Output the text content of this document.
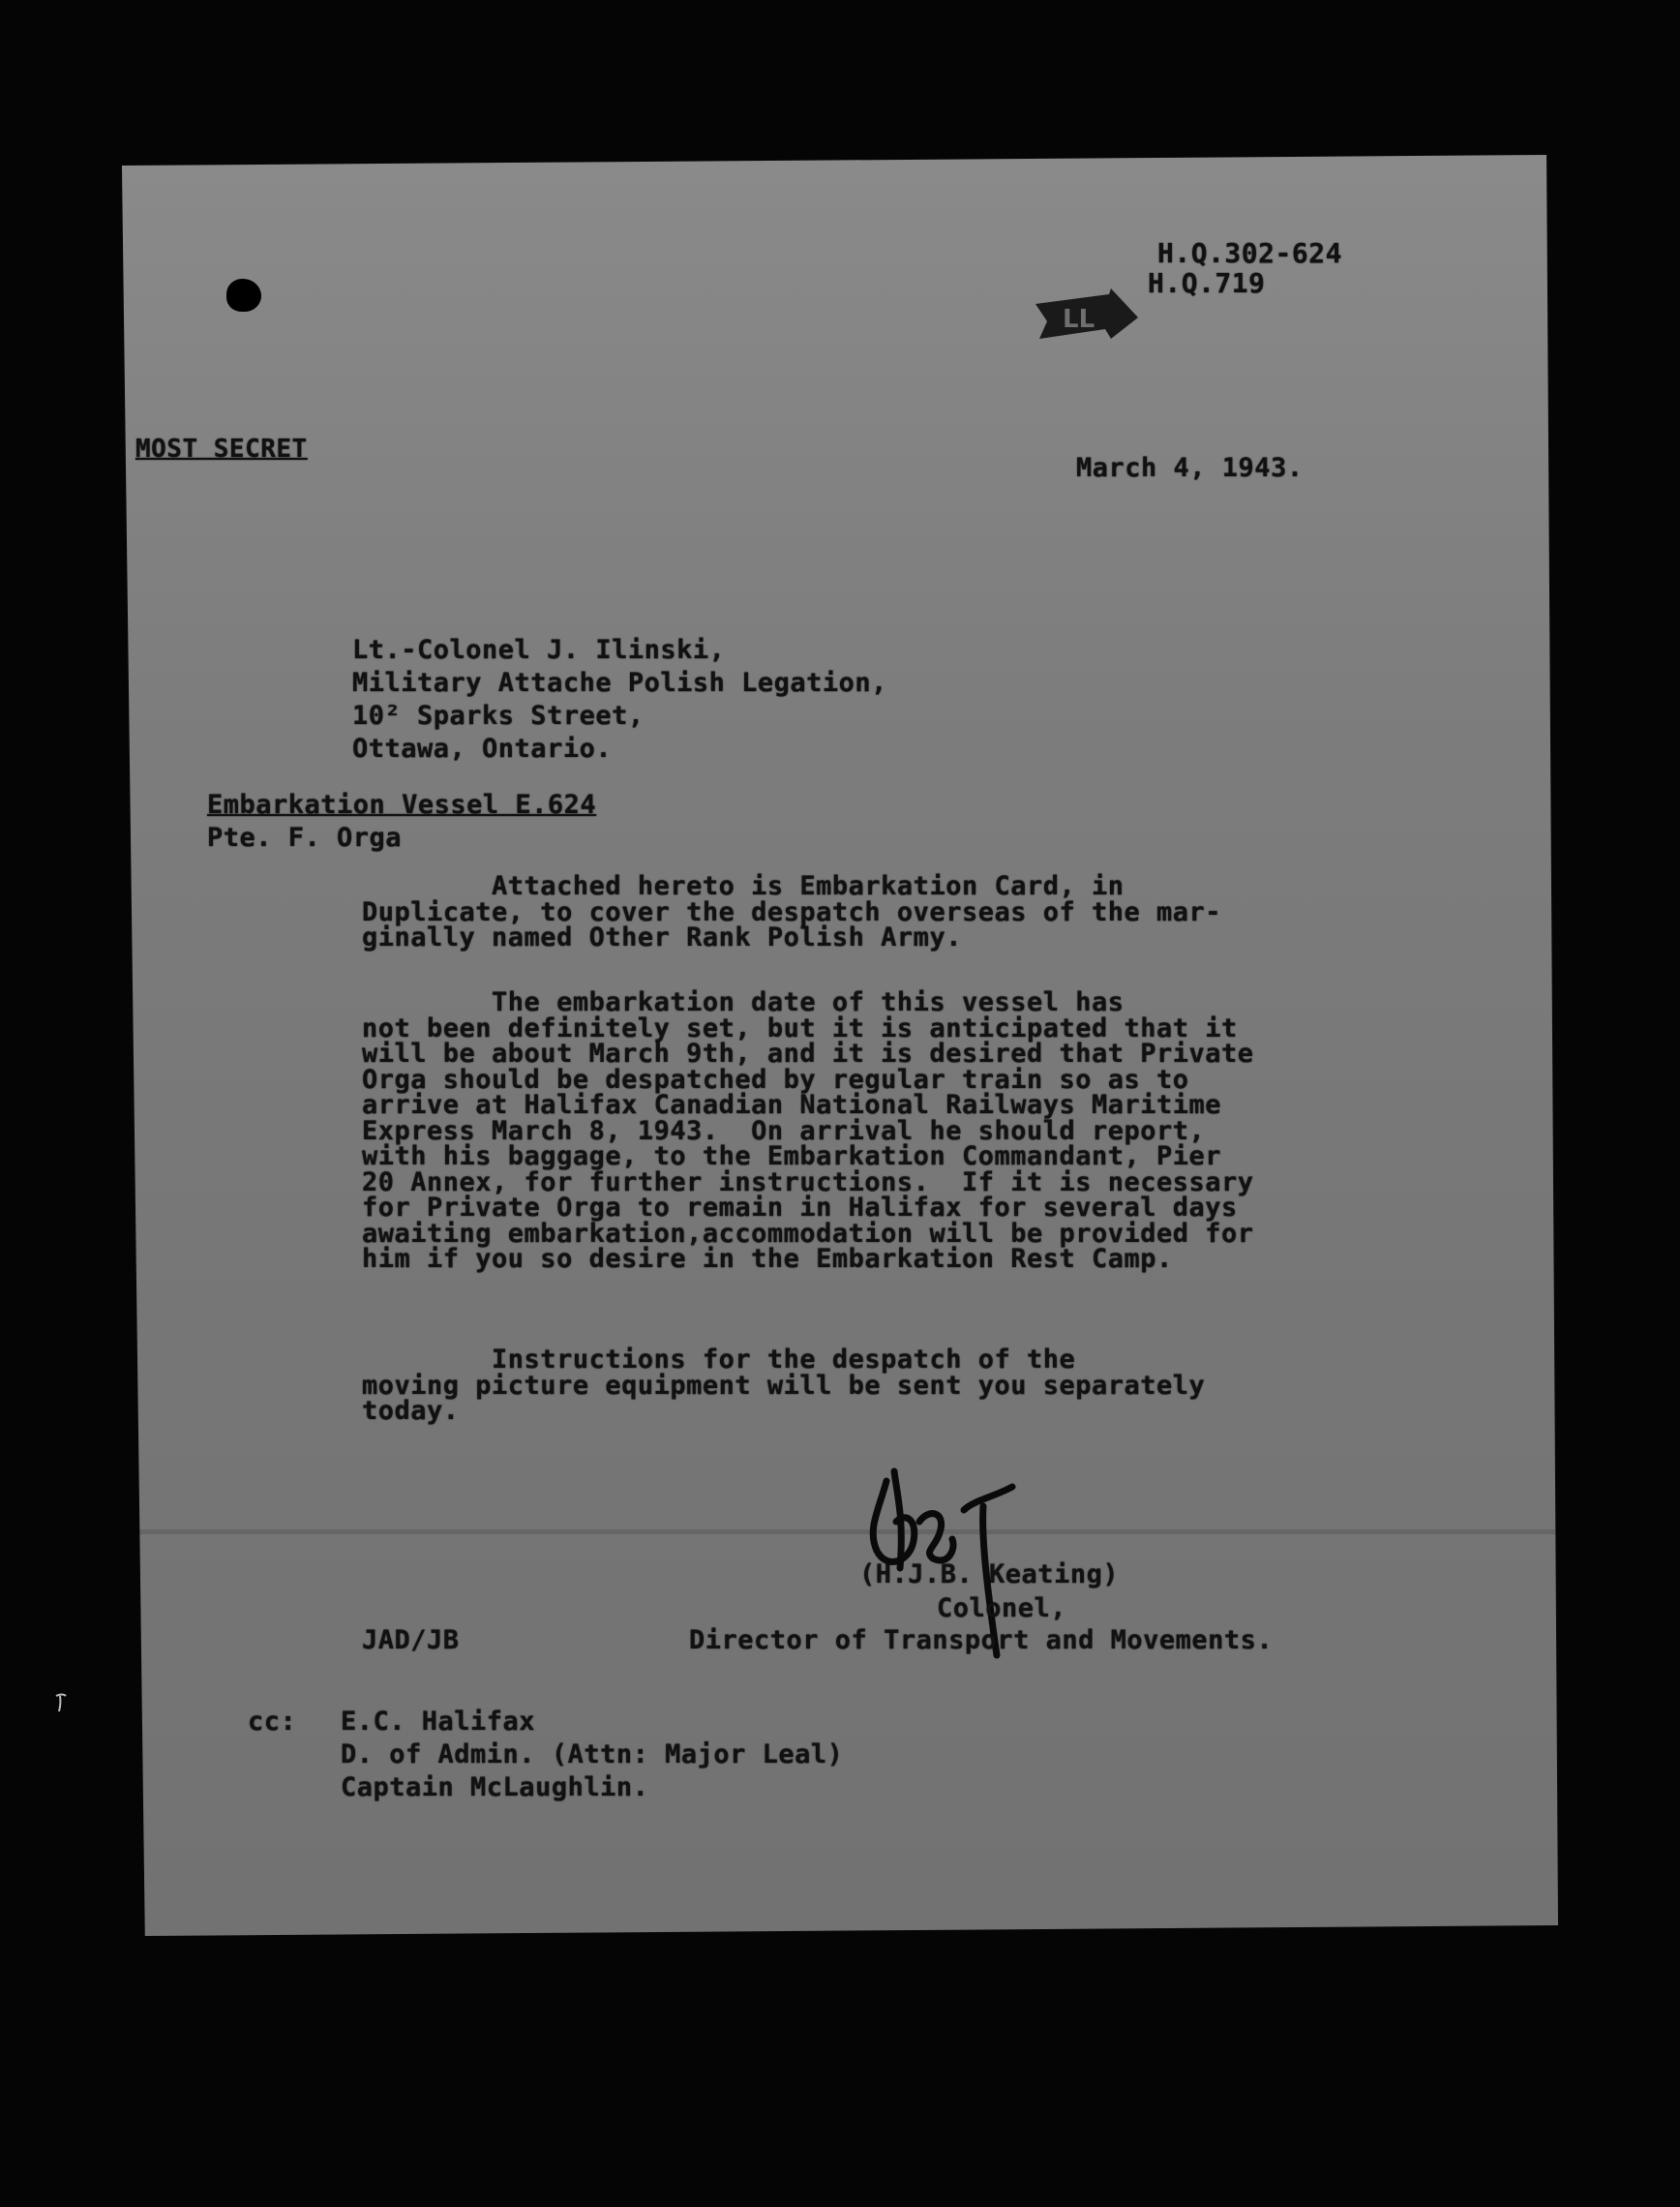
H.Q.302-624

H.Q.719

LL

MOST SECRET

March 4, 1943.

Lt.-Colonel J. Ilinski,

Military Attache Polish Legation,

10² Sparks Street,

Ottawa, Ontario.

Embarkation Vessel E.624

Pte. F. Orga

Attached hereto is Embarkation Card, in
Duplicate, to cover the despatch overseas of the mar-
ginally named Other Rank Polish Army.

The embarkation date of this vessel has
not been definitely set, but it is anticipated that it
will be about March 9th, and it is desired that Private
Orga should be despatched by regular train so as to
arrive at Halifax Canadian National Railways Maritime
Express March 8, 1943.  On arrival he should report,
with his baggage, to the Embarkation Commandant, Pier
20 Annex, for further instructions.  If it is necessary
for Private Orga to remain in Halifax for several days
awaiting embarkation,accommodation will be provided for
him if you so desire in the Embarkation Rest Camp.

Instructions for the despatch of the
moving picture equipment will be sent you separately
today.

(H.J.B. Keating)

Colonel,

Director of Transport and Movements.

JAD/JB

cc: E.C. Halifax

D. of Admin. (Attn: Major Leal)

Captain McLaughlin.
